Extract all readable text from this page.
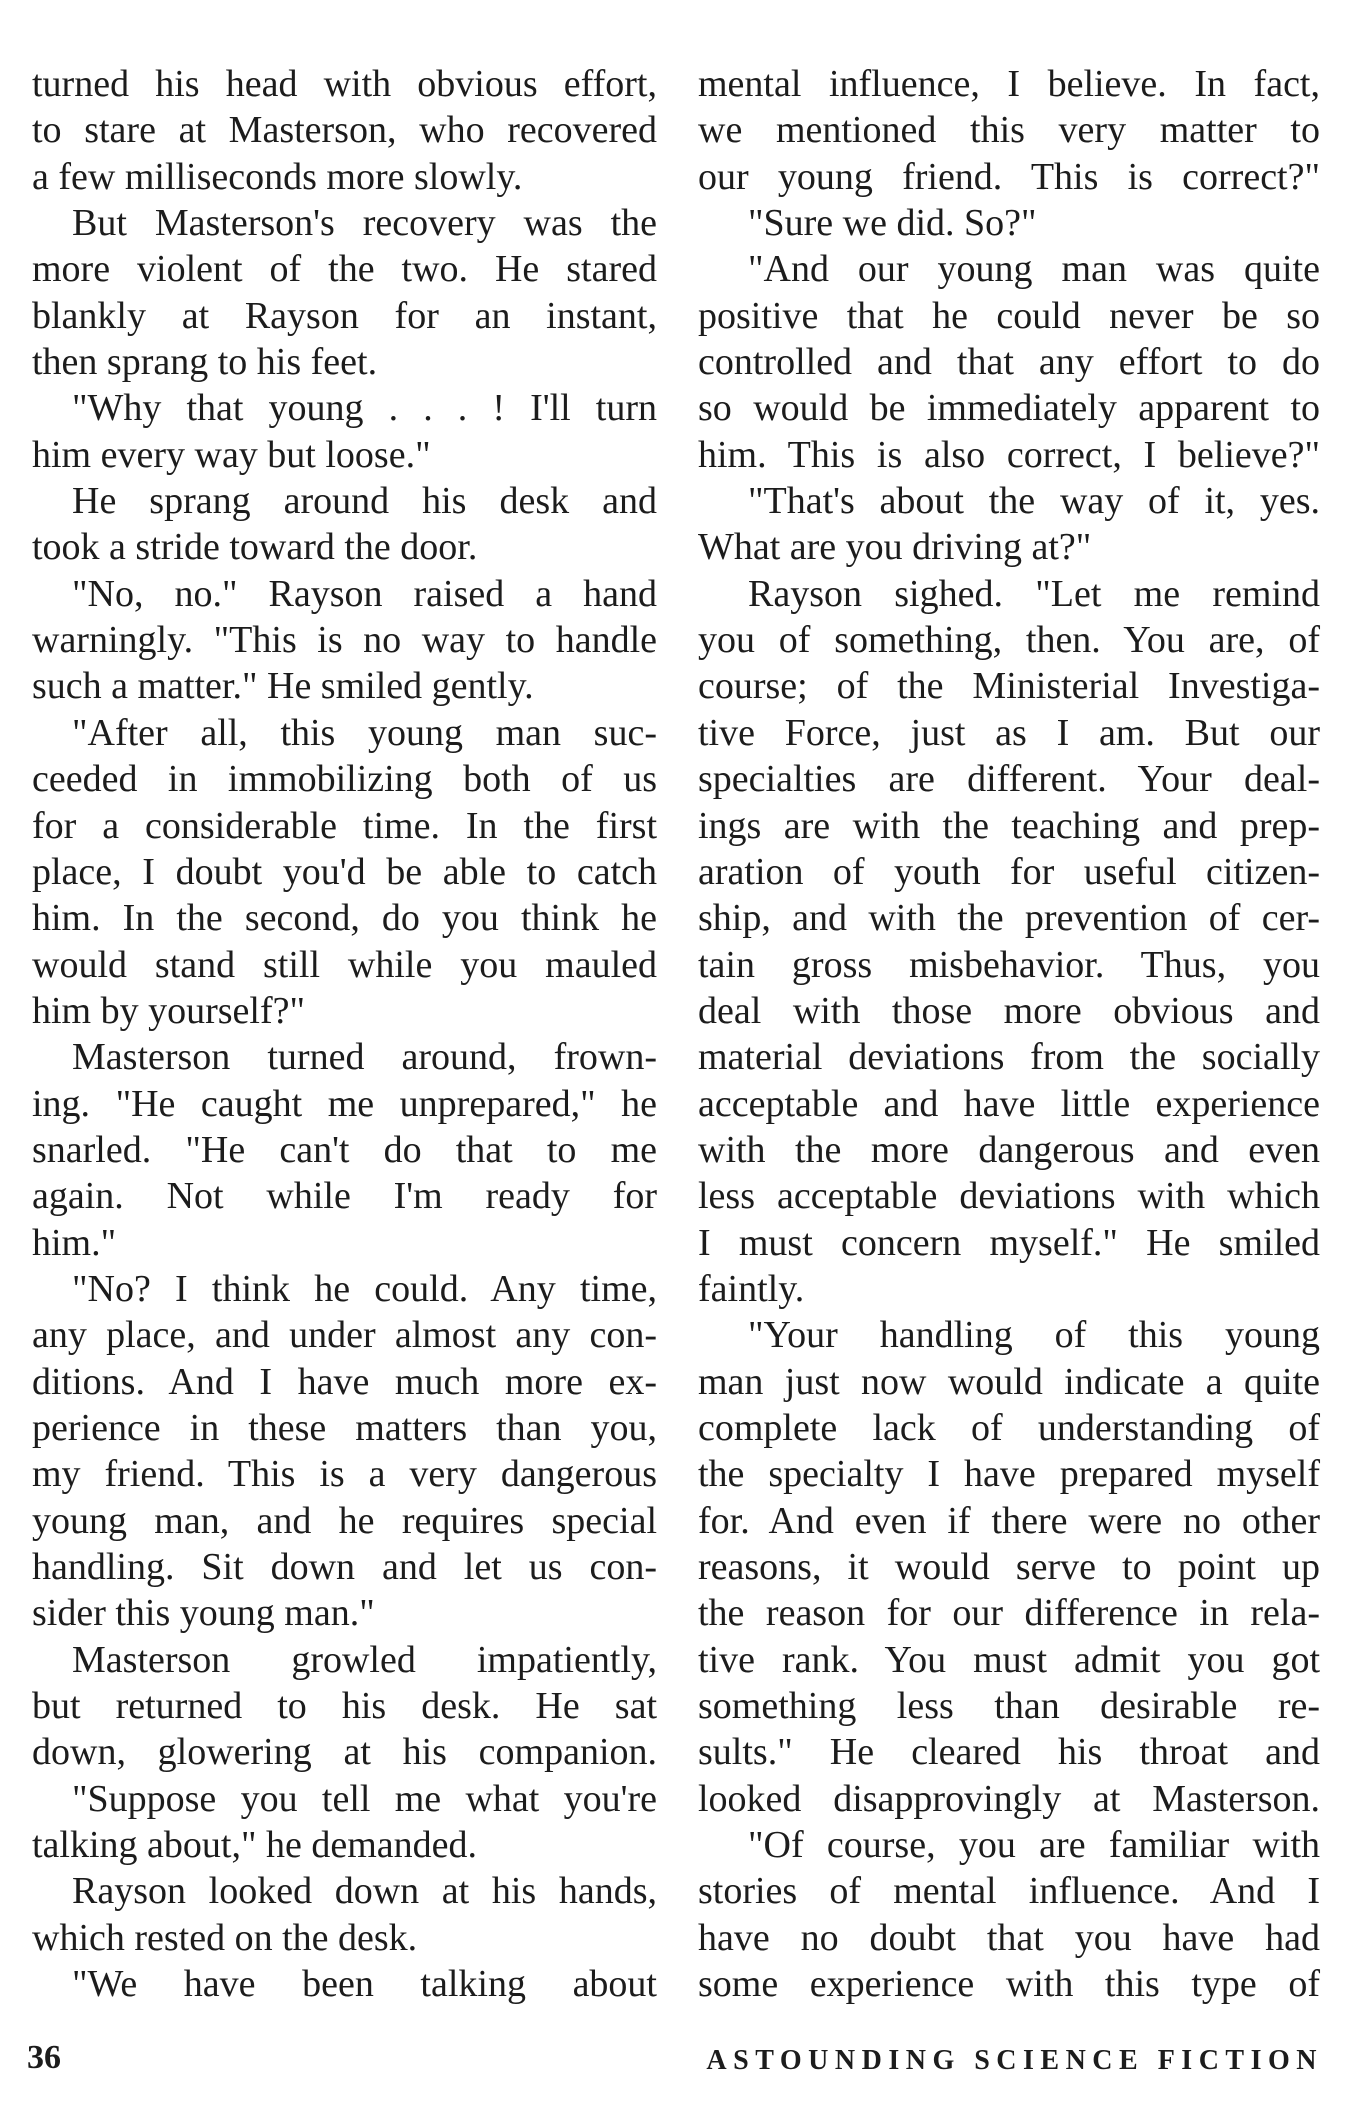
turned his head with obvious effort,
to stare at Masterson, who recovered
a few milliseconds more slowly.
But Masterson's recovery was the
more violent of the two. He stared
blankly at Rayson for an instant,
then sprang to his feet.
"Why that young . . . ! I'll turn
him every way but loose."
He sprang around his desk and
took a stride toward the door.
"No, no." Rayson raised a hand
warningly. "This is no way to handle
such a matter." He smiled gently.
"After all, this young man suc-
ceeded in immobilizing both of us
for a considerable time. In the first
place, I doubt you'd be able to catch
him. In the second, do you think he
would stand still while you mauled
him by yourself?"
Masterson turned around, frown-
ing. "He caught me unprepared," he
snarled. "He can't do that to me
again. Not while I'm ready for
him."
"No? I think he could. Any time,
any place, and under almost any con-
ditions. And I have much more ex-
perience in these matters than you,
my friend. This is a very dangerous
young man, and he requires special
handling. Sit down and let us con-
sider this young man."
Masterson growled impatiently,
but returned to his desk. He sat
down, glowering at his companion.
"Suppose you tell me what you're
talking about," he demanded.
Rayson looked down at his hands,
which rested on the desk.
"We have been talking about
mental influence, I believe. In fact,
we mentioned this very matter to
our young friend. This is correct?"
"Sure we did. So?"
"And our young man was quite
positive that he could never be so
controlled and that any effort to do
so would be immediately apparent to
him. This is also correct, I believe?"
"That's about the way of it, yes.
What are you driving at?"
Rayson sighed. "Let me remind
you of something, then. You are, of
course; of the Ministerial Investiga-
tive Force, just as I am. But our
specialties are different. Your deal-
ings are with the teaching and prep-
aration of youth for useful citizen-
ship, and with the prevention of cer-
tain gross misbehavior. Thus, you
deal with those more obvious and
material deviations from the socially
acceptable and have little experience
with the more dangerous and even
less acceptable deviations with which
I must concern myself." He smiled
faintly.
"Your handling of this young
man just now would indicate a quite
complete lack of understanding of
the specialty I have prepared myself
for. And even if there were no other
reasons, it would serve to point up
the reason for our difference in rela-
tive rank. You must admit you got
something less than desirable re-
sults." He cleared his throat and
looked disapprovingly at Masterson.
"Of course, you are familiar with
stories of mental influence. And I
have no doubt that you have had
some experience with this type of
36	ASTOUNDING SCIENCE FICTION
